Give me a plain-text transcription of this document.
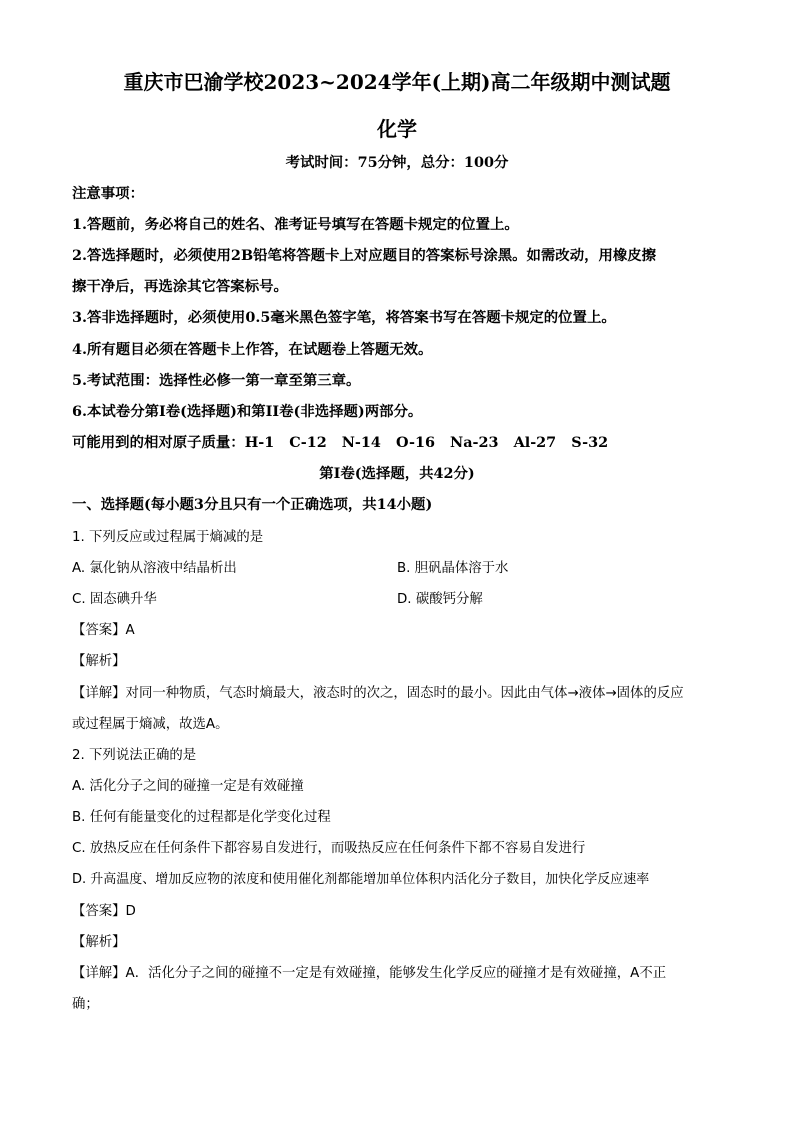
重庆市巴渝学校2023~2024学年(上期)高二年级期中测试题
化学
考试时间：75分钟，总分：100分
注意事项：
1.答题前，务必将自己的姓名、准考证号填写在答题卡规定的位置上。
2.答选择题时，必须使用2B铅笔将答题卡上对应题目的答案标号涂黑。如需改动，用橡皮擦
擦干净后，再选涂其它答案标号。
3.答非选择题时，必须使用0.5毫米黑色签字笔，将答案书写在答题卡规定的位置上。
4.所有题目必须在答题卡上作答，在试题卷上答题无效。
5.考试范围：选择性必修一第一章至第三章。
6.本试卷分第I卷(选择题)和第II卷(非选择题)两部分。
可能用到的相对原子质量：H-1   C-12   N-14   O-16   Na-23   Al-27   S-32
第I卷(选择题，共42分)
一、选择题(每小题3分且只有一个正确选项，共14小题)
1. 下列反应或过程属于熵减的是
A. 氯化钠从溶液中结晶析出	B. 胆矾晶体溶于水
C. 固态碘升华	D. 碳酸钙分解
【答案】A
【解析】
【详解】对同一种物质，气态时熵最大，液态时的次之，固态时的最小。因此由气体→液体→固体的反应
或过程属于熵减，故选A。
2. 下列说法正确的是
A. 活化分子之间的碰撞一定是有效碰撞
B. 任何有能量变化的过程都是化学变化过程
C. 放热反应在任何条件下都容易自发进行，而吸热反应在任何条件下都不容易自发进行
D. 升高温度、增加反应物的浓度和使用催化剂都能增加单位体积内活化分子数目，加快化学反应速率
【答案】D
【解析】
【详解】A．活化分子之间的碰撞不一定是有效碰撞，能够发生化学反应的碰撞才是有效碰撞，A不正
确；
